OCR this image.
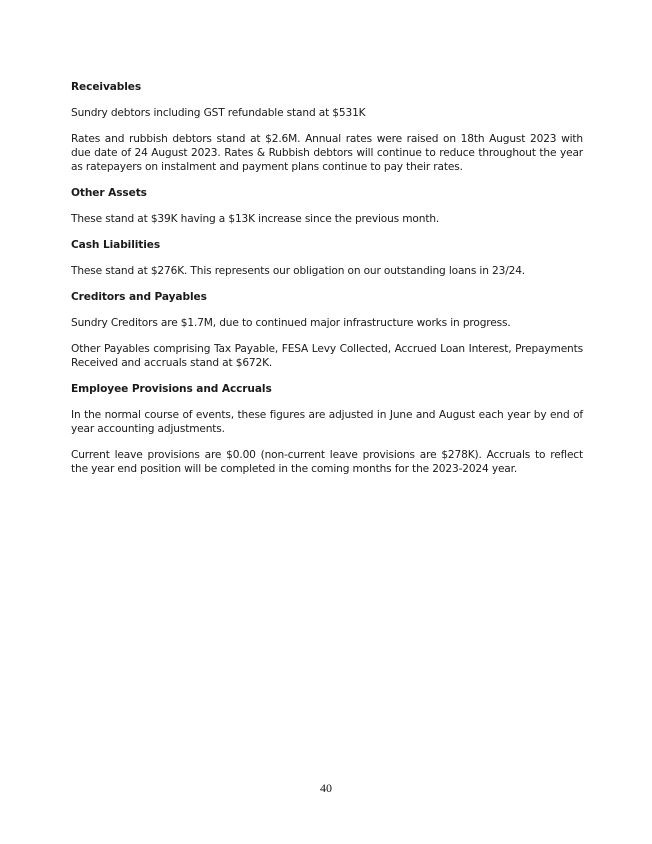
Receivables
Sundry debtors including GST refundable stand at $531K
Rates and rubbish debtors stand at $2.6M. Annual rates were raised on 18th August 2023 with due date of 24 August 2023. Rates & Rubbish debtors will continue to reduce throughout the year as ratepayers on instalment and payment plans continue to pay their rates.
Other Assets
These stand at $39K having a $13K increase since the previous month.
Cash Liabilities
These stand at $276K. This represents our obligation on our outstanding loans in 23/24.
Creditors and Payables
Sundry Creditors are $1.7M, due to continued major infrastructure works in progress.
Other Payables comprising Tax Payable, FESA Levy Collected, Accrued Loan Interest, Prepayments Received and accruals stand at $672K.
Employee Provisions and Accruals
In the normal course of events, these figures are adjusted in June and August each year by end of year accounting adjustments.
Current leave provisions are $0.00 (non-current leave provisions are $278K). Accruals to reflect the year end position will be completed in the coming months for the 2023-2024 year.
40
